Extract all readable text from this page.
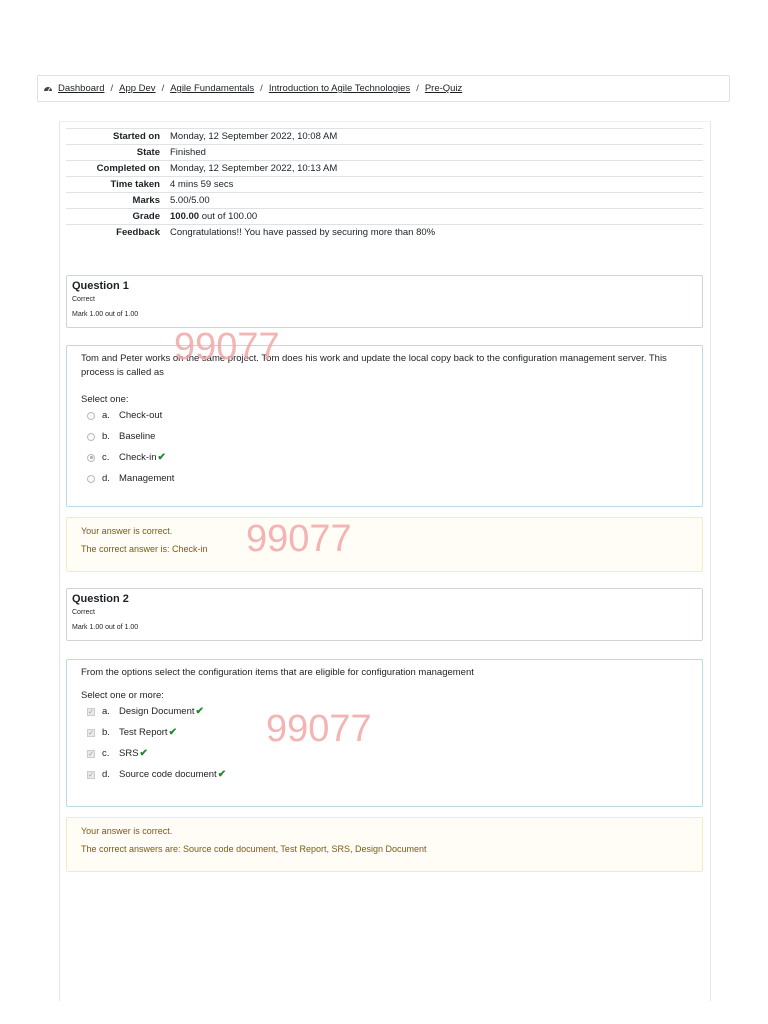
Dashboard / App Dev / Agile Fundamentals / Introduction to Agile Technologies / Pre-Quiz
Started on	Monday, 12 September 2022, 10:08 AM
State	Finished
Completed on	Monday, 12 September 2022, 10:13 AM
Time taken	4 mins 59 secs
Marks	5.00/5.00
Grade	100.00 out of 100.00
Feedback	Congratulations!! You have passed by securing more than 80%
Question 1
Correct
Mark 1.00 out of 1.00
Tom and Peter works on the same project. Tom does his work and update the local copy back to the configuration management server. This process is called as
Select one:
a. Check-out
b. Baseline
c.	Check-in ✔
d. Management
Your answer is correct.
The correct answer is: Check-in
Question 2
Correct
Mark 1.00 out of 1.00
From the options select the configuration items that are eligible for configuration management
Select one or more:
✓ a. Design Document ✔
✓ b. Test Report ✔
✓ c.	SRS ✔
✓ d. Source code document ✔
Your answer is correct.
The correct answers are: Source code document, Test Report, SRS, Design Document
99077
99077
99077
